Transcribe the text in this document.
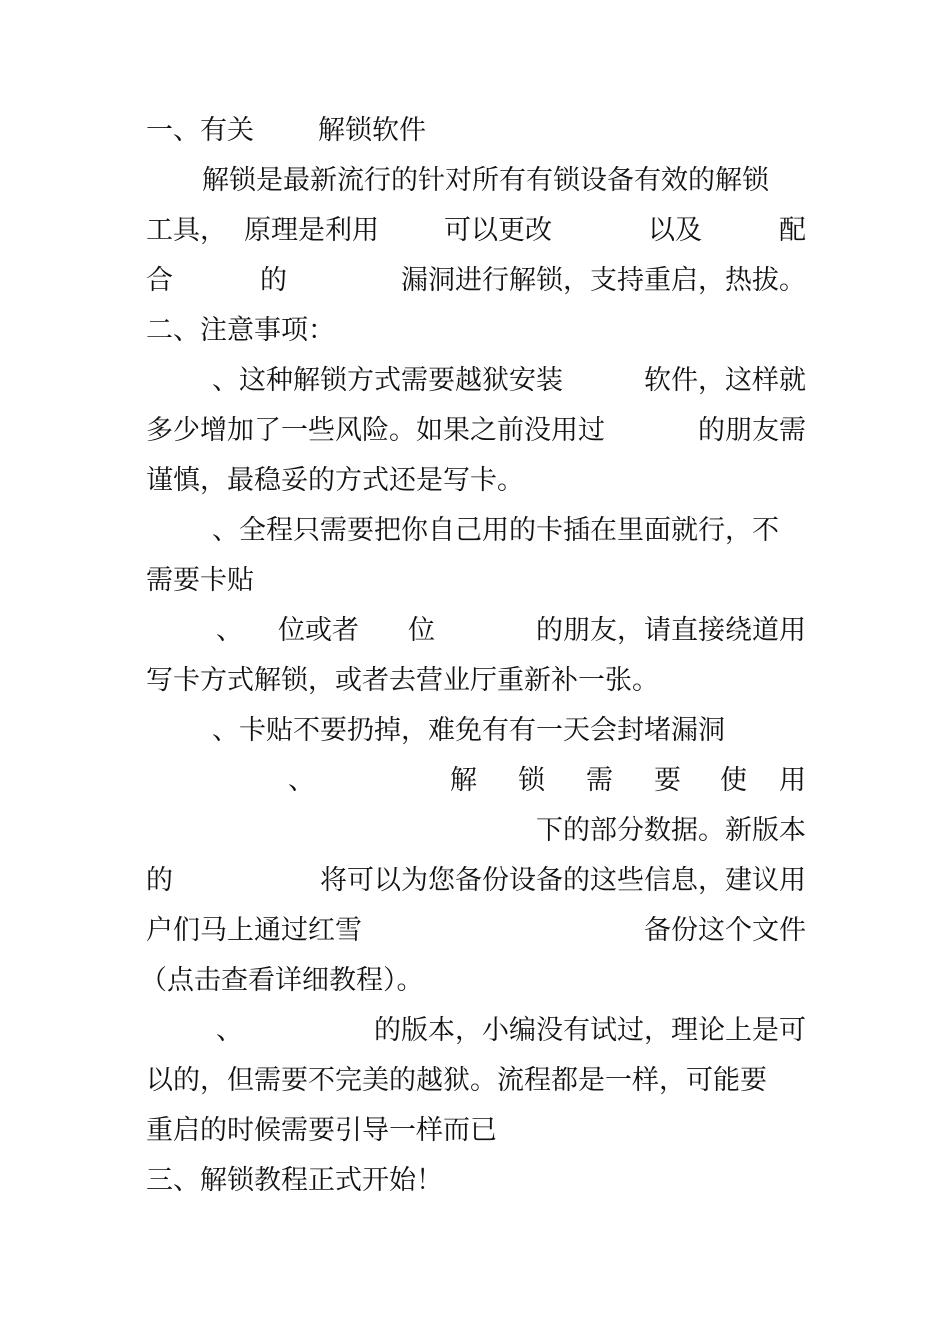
一、有关 解锁软件
解锁是最新流行的针对所有有锁设备有效的解锁
工具， 原理是利用 可以更改	以及	配
合	的	漏洞进行解锁，支持重启，热拔。
二、注意事项：
、这种解锁方式需要越狱安装	软件，这样就
多少增加了一些风险。如果之前没用过	的朋友需
谨慎，最稳妥的方式还是写卡。
、全程只需要把你自己用的卡插在里面就行，不
需要卡贴
、 位或者 位	的朋友，请直接绕道用
写卡方式解锁，或者去营业厅重新补一张。
、卡贴不要扔掉，难免有有一天会封堵漏洞
、	解 锁 需 要 使 用
下的部分数据。新版本
的	将可以为您备份设备的这些信息，建议用
户们马上通过红雪	备份这个文件
（点击查看详细教程）。
、	的版本，小编没有试过，理论上是可
以的，但需要不完美的越狱。流程都是一样，可能要
重启的时候需要引导一样而已
三、解锁教程正式开始！
